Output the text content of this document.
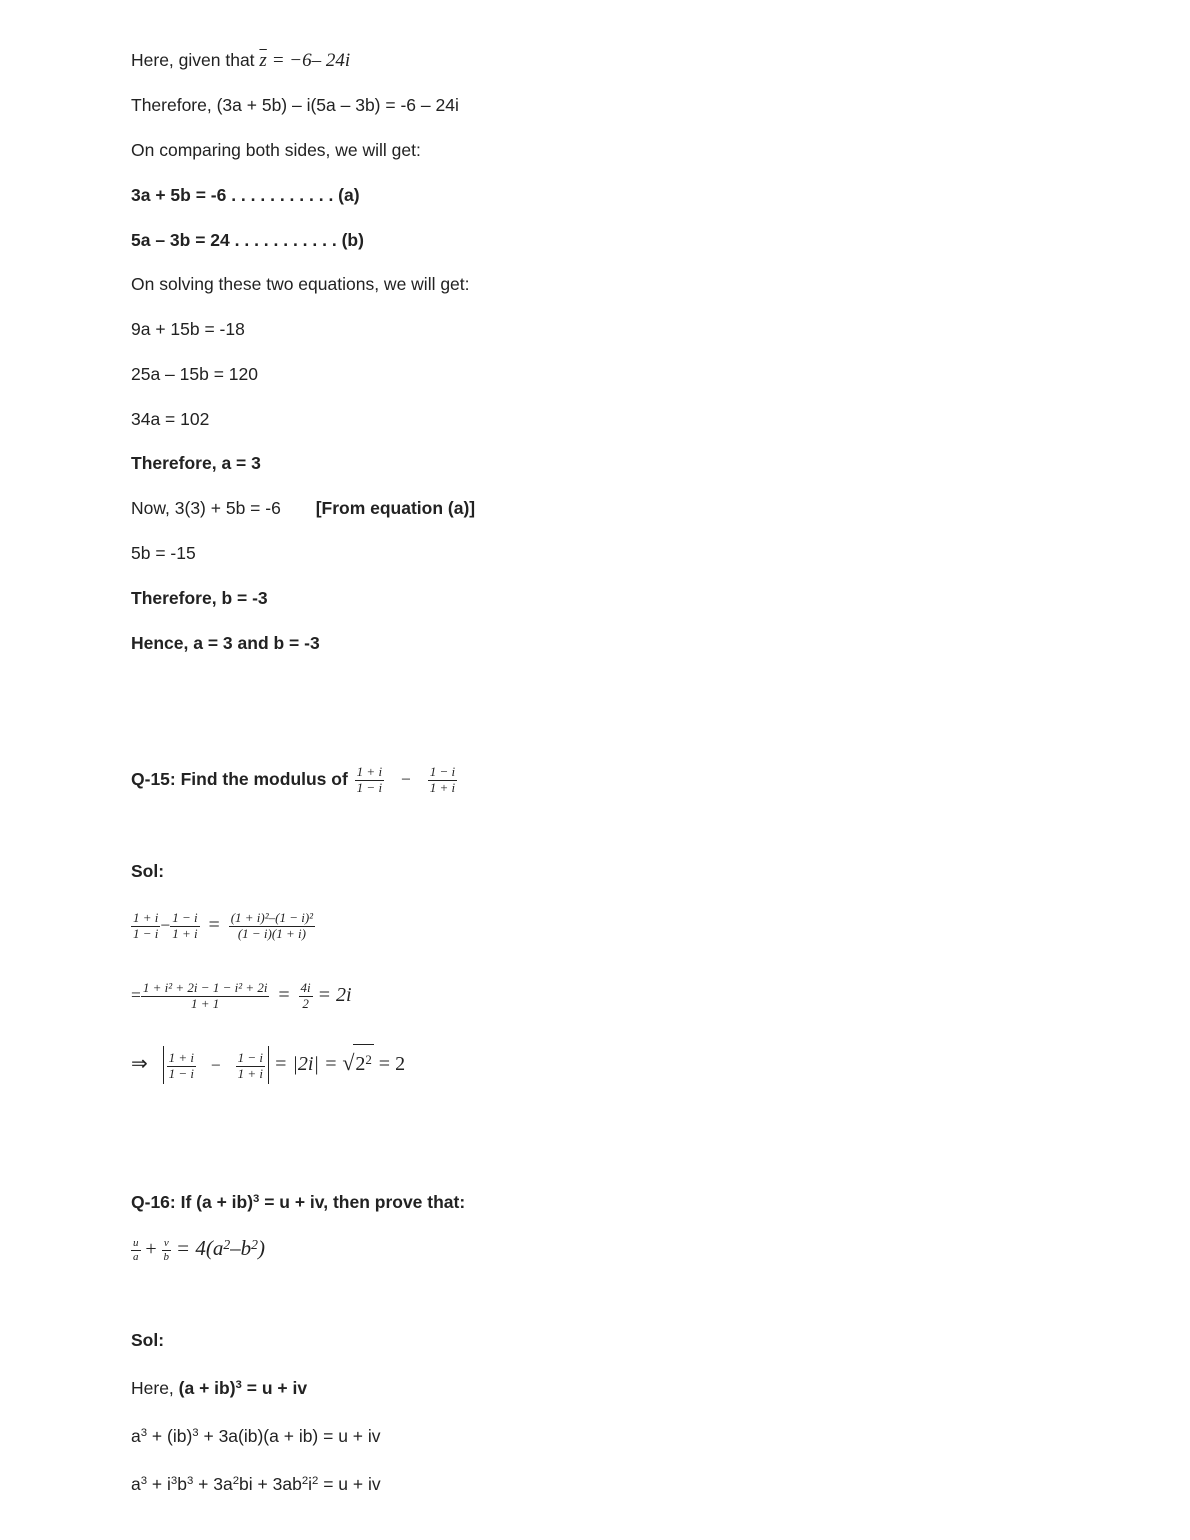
Here, given that $\overline{z} = -6-$ 24i
Therefore, (3a + 5b) – i(5a – 3b) = -6 – 24i
On comparing both sides, we will get:
3a + 5b = -6 . . . . . . . . . . . (a)
5a – 3b = 24 . . . . . . . . . . . (b)
On solving these two equations, we will get:
9a + 15b = -18
25a – 15b = 120
34a = 102
Therefore, a = 3
Now, 3(3) + 5b = -6 [From equation (a)]
5b = -15
Therefore, b = -3
Hence, a = 3 and b = -3
Q-15: Find the modulus of $\frac{1 + i}{1 - i} - \frac{1 - i}{1 + i}$
Sol:
$\frac{1 + i}{1 - i} - \frac{1 - i}{1 + i} = \frac{\text{(1 + i)²–(1 − i)²}}{(1 - i)(1 + i)}$
= $\frac{\text{1 + i² + 2i − 1 − i² + 2i}}{1 + 1} = \frac{4i}{2} = 2i$
⇒ $\frac{1 + i}{1 - i} - \frac{1 - i}{1 + i} = |2i| = √2^2 = 2$
Q-16: If (a + ib)$^3$ = u + iv, then prove that:
$\frac{u}{a} + \frac{v}{b} = 4(a^2-b^2)$
Sol:
Here, (a + ib)$^3$ = u + iv
$a^3 + (ib)^3 + 3a(ib)(a + ib) = u$ + iv
$a^3 + i^3b^3 + 3a^2bi + 3ab^2i^2 = u$ + iv
